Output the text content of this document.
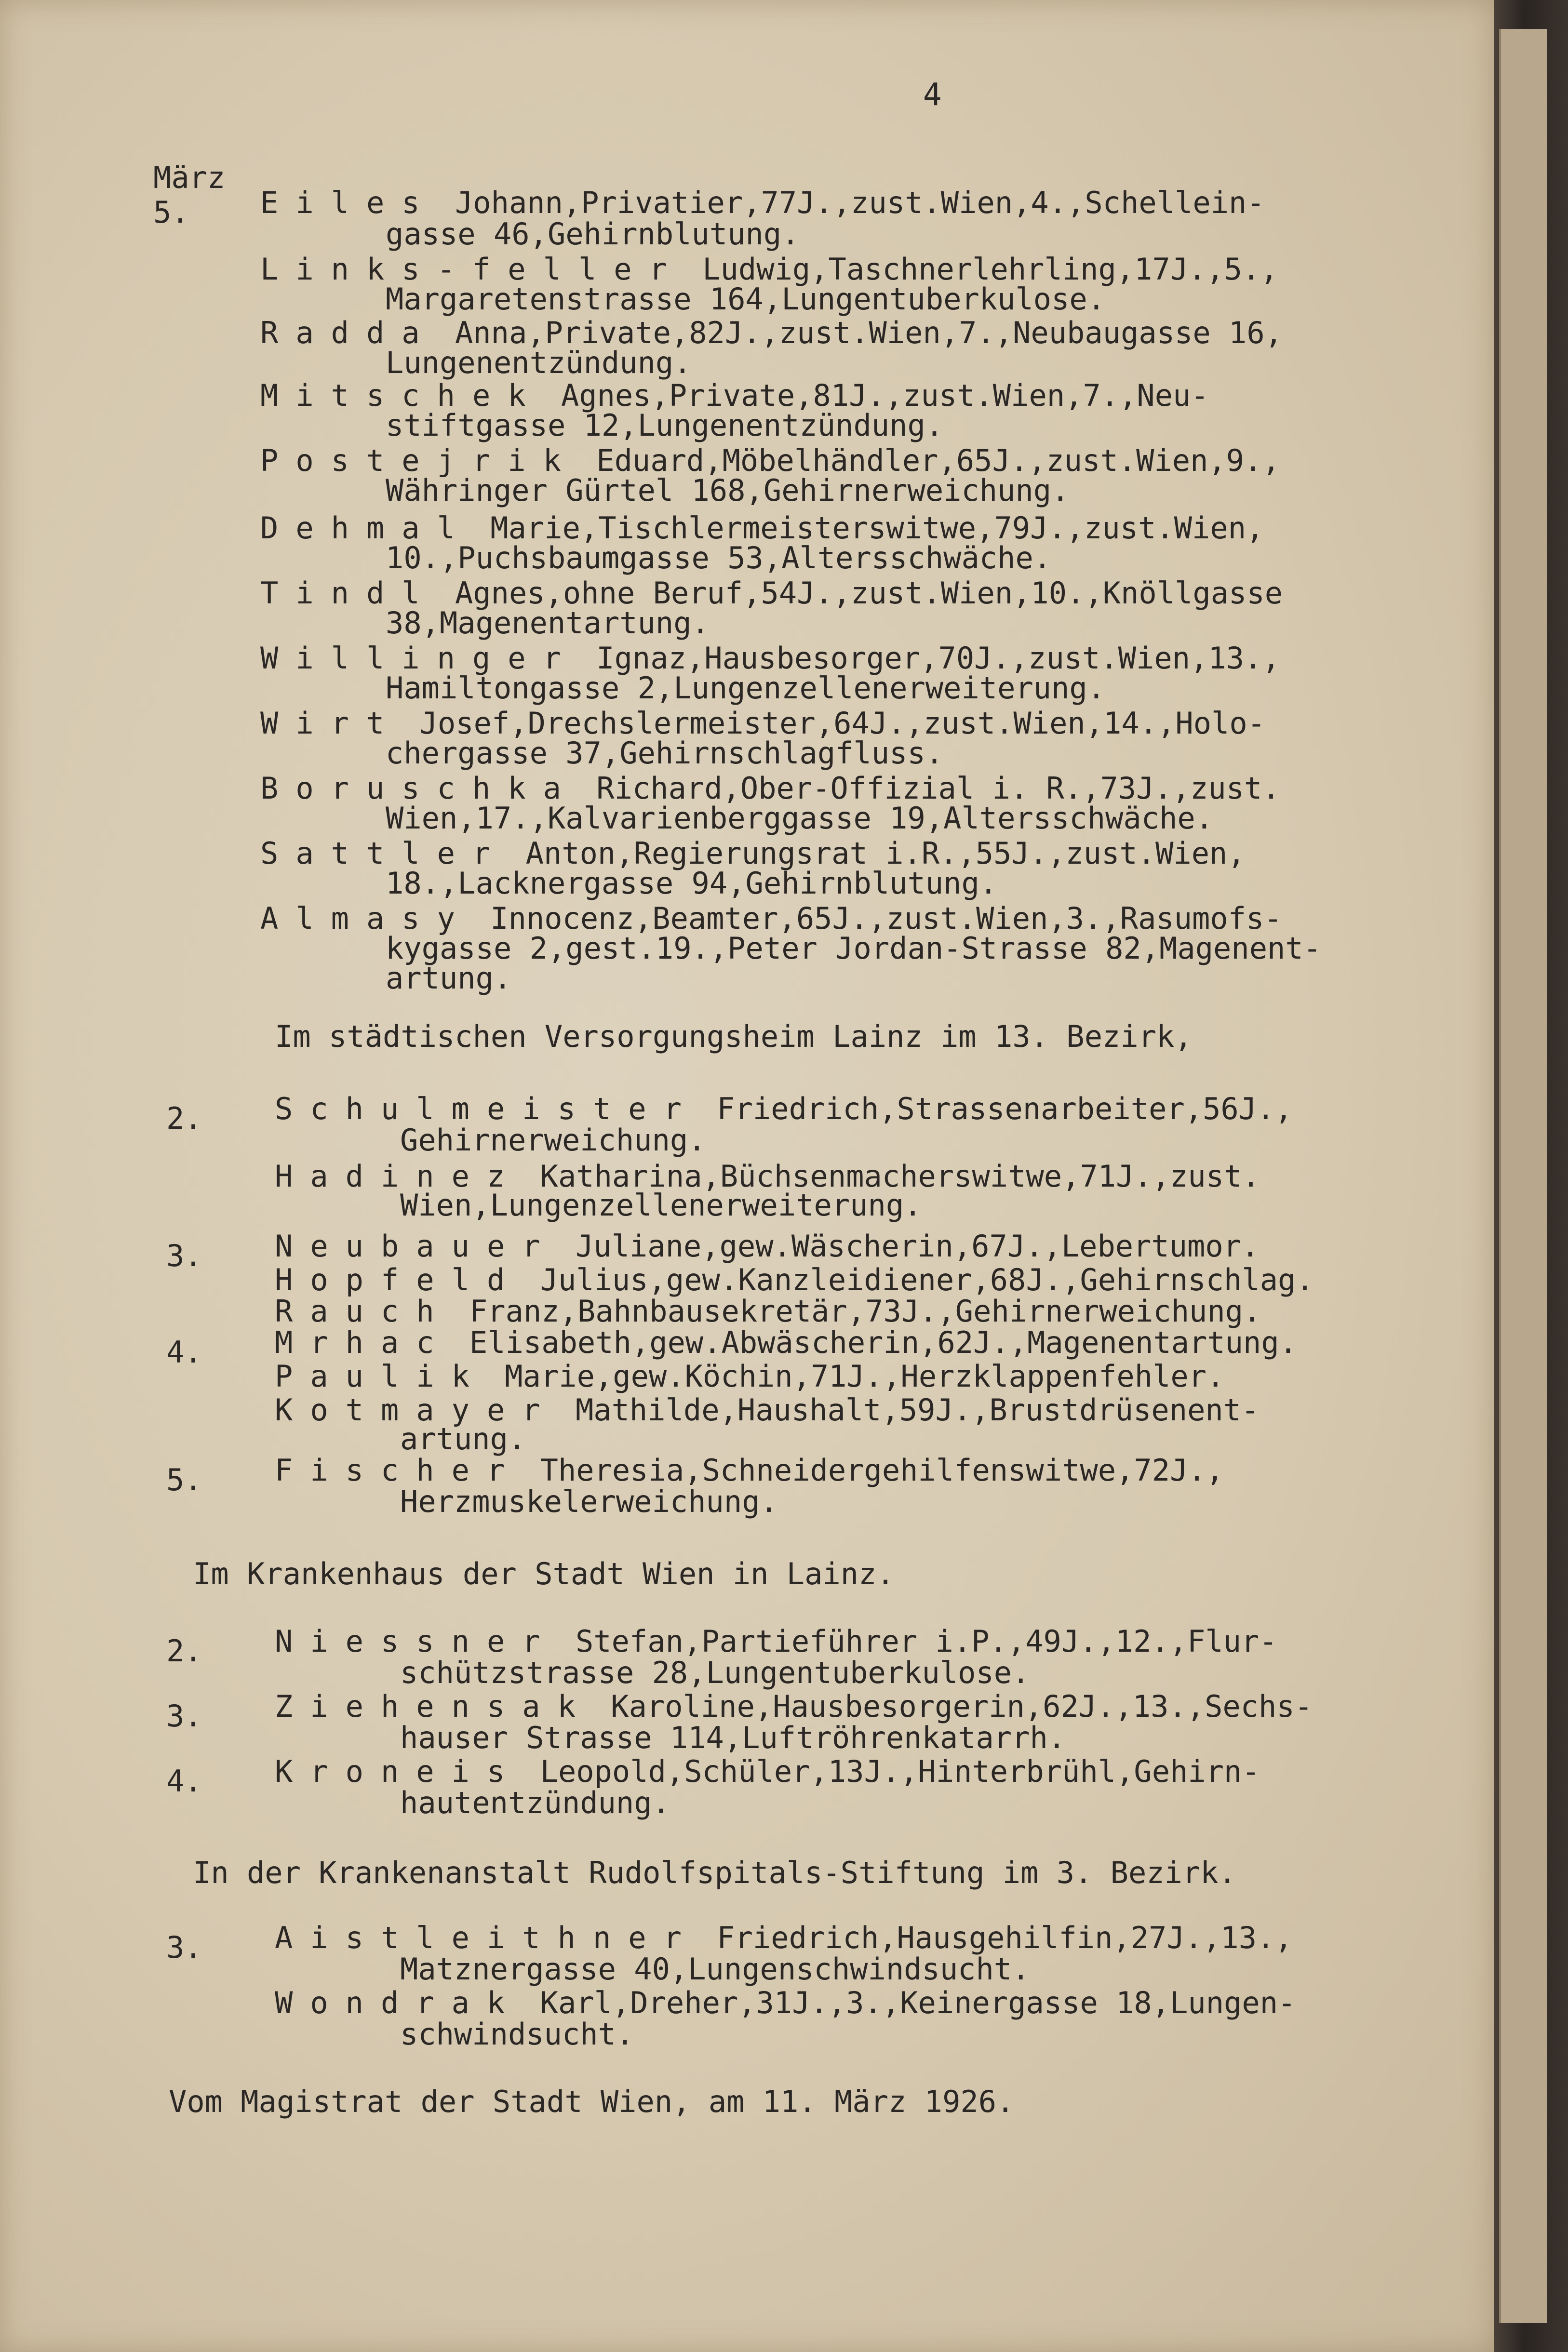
4
März
5. Eiles Johann,Privatier,77J.,zust.Wien,4.,Schellein-
gasse 46,Gehirnblutung.
Links-feller Ludwig,Taschnerlehrling,17J.,5.,
Margaretenstrasse 164,Lungentuberkulose.
Radda Anna,Private,82J.,zust.Wien,7.,Neubaugasse 16,
Lungenentzündung.
Mitschek Agnes,Private,81J.,zust.Wien,7.,Neu-
stiftgasse 12,Lungenentzündung.
Postejrik Eduard,Möbelhändler,65J.,zust.Wien,9.,
Währinger Gürtel 168,Gehirnerweichung.
Dehmal Marie,Tischlermeisterswitwe,79J.,zust.Wien,
10.,Puchsbaumgasse 53,Altersschwäche.
Tindl Agnes,ohne Beruf,54J.,zust.Wien,10.,Knöllgasse
38,Magenentartung.
Willinger Ignaz,Hausbesorger,70J.,zust.Wien,13.,
Hamiltongasse 2,Lungenzellenerweiterung.
Wirt Josef,Drechslermeister,64J.,zust.Wien,14.,Holo-
chergasse 37,Gehirnschlagfluss.
Boruschka Richard,Ober-Offizial i. R.,73J.,zust.
Wien,17.,Kalvarienberggasse 19,Altersschwäche.
Sattler Anton,Regierungsrat i.R.,55J.,zust.Wien,
18.,Lacknergasse 94,Gehirnblutung.
Almasy Innocenz,Beamter,65J.,zust.Wien,3.,Rasumofs-
kygasse 2,gest.19.,Peter Jordan-Strasse 82,Magenent-
artung.
Im städtischen Versorgungsheim Lainz im 13. Bezirk,
2. Schulmeister Friedrich,Strassenarbeiter,56J.,
Gehirnerweichung.
Hadinez Katharina,Büchsenmacherswitwe,71J.,zust.
Wien,Lungenzellenerweiterung.
3. Neubauer Juliane,gew.Wäscherin,67J.,Lebertumor.
Hopfeld Julius,gew.Kanzleidiener,68J.,Gehirnschlag.
Rauch Franz,Bahnbausekretär,73J.,Gehirnerweichung.
4. Mrhac Elisabeth,gew.Abwäscherin,62J.,Magenentartung.
Paulik Marie,gew.Köchin,71J.,Herzklappenfehler.
Kotmayer Mathilde,Haushalt,59J.,Brustdrüsenent-
artung.
5. Fischer Theresia,Schneidergehilfenswitwe,72J.,
Herzmuskelerweichung.
Im Krankenhaus der Stadt Wien in Lainz.
2. Niessner Stefan,Partieführer i.P.,49J.,12.,Flur-
schützstrasse 28,Lungentuberkulose.
3. Ziehensak Karoline,Hausbesorgerin,62J.,13.,Sechs-
hauser Strasse 114,Luftröhrenkatarrh.
4. Kroneis Leopold,Schüler,13J.,Hinterbrühl,Gehirn-
hautentzündung.
In der Krankenanstalt Rudolfspitals-Stiftung im 3. Bezirk.
3. Aistleithner Friedrich,Hausgehilfin,27J.,13.,
Matznergasse 40,Lungenschwindsucht.
Wondrak Karl,Dreher,31J.,3.,Keinergasse 18,Lungen-
schwindsucht.
Vom Magistrat der Stadt Wien, am 11. März 1926.
